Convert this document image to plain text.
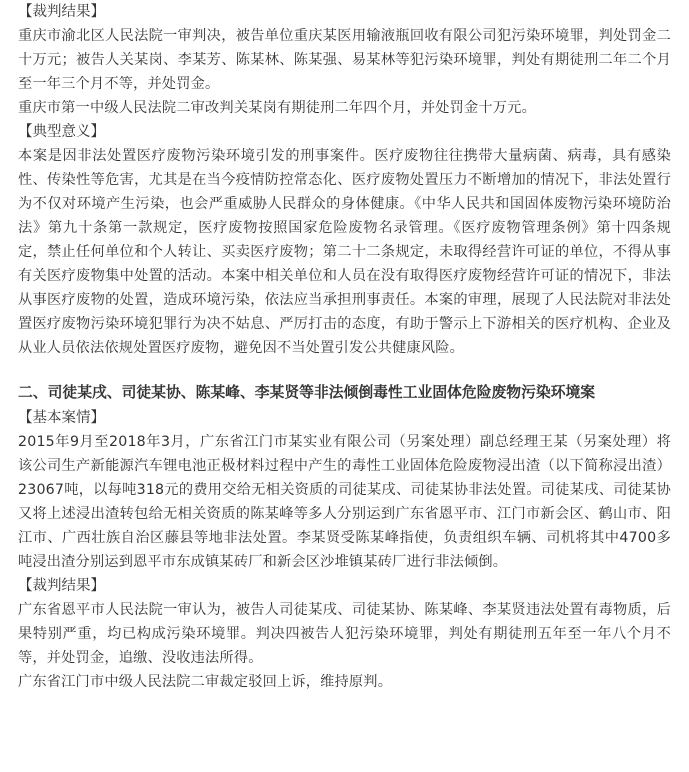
【裁判结果】

重庆市渝北区人民法院一审判决，被告单位重庆某医用输液瓶回收有限公司犯污染环境罪，判处罚金二十万元；被告人关某岗、李某芳、陈某林、陈某强、易某林等犯污染环境罪，判处有期徒刑二年二个月至一年三个月不等，并处罚金。

重庆市第一中级人民法院二审改判关某岗有期徒刑二年四个月，并处罚金十万元。

【典型意义】

本案是因非法处置医疗废物污染环境引发的刑事案件。医疗废物往往携带大量病菌、病毒，具有感染性、传染性等危害，尤其是在当今疫情防控常态化、医疗废物处置压力不断增加的情况下，非法处置行为不仅对环境产生污染，也会严重威胁人民群众的身体健康。《中华人民共和国固体废物污染环境防治法》第九十条第一款规定，医疗废物按照国家危险废物名录管理。《医疗废物管理条例》第十四条规定，禁止任何单位和个人转让、买卖医疗废物；第二十二条规定，未取得经营许可证的单位，不得从事有关医疗废物集中处置的活动。本案中相关单位和人员在没有取得医疗废物经营许可证的情况下，非法从事医疗废物的处置，造成环境污染，依法应当承担刑事责任。本案的审理，展现了人民法院对非法处置医疗废物污染环境犯罪行为决不姑息、严厉打击的态度，有助于警示上下游相关的医疗机构、企业及从业人员依法依规处置医疗废物，避免因不当处置引发公共健康风险。

二、司徒某戌、司徒某协、陈某峰、李某贤等非法倾倒毒性工业固体危险废物污染环境案

【基本案情】

2015年9月至2018年3月，广东省江门市某实业有限公司（另案处理）副总经理王某（另案处理）将该公司生产新能源汽车锂电池正极材料过程中产生的毒性工业固体危险废物浸出渣（以下简称浸出渣）23067吨，以每吨318元的费用交给无相关资质的司徒某戌、司徒某协非法处置。司徒某戌、司徒某协又将上述浸出渣转包给无相关资质的陈某峰等多人分别运到广东省恩平市、江门市新会区、鹤山市、阳江市、广西壮族自治区藤县等地非法处置。李某贤受陈某峰指使，负责组织车辆、司机将其中4700多吨浸出渣分别运到恩平市东成镇某砖厂和新会区沙堆镇某砖厂进行非法倾倒。

【裁判结果】

广东省恩平市人民法院一审认为，被告人司徒某戌、司徒某协、陈某峰、李某贤违法处置有毒物质，后果特别严重，均已构成污染环境罪。判决四被告人犯污染环境罪，判处有期徒刑五年至一年八个月不等，并处罚金，追缴、没收违法所得。

广东省江门市中级人民法院二审裁定驳回上诉，维持原判。
